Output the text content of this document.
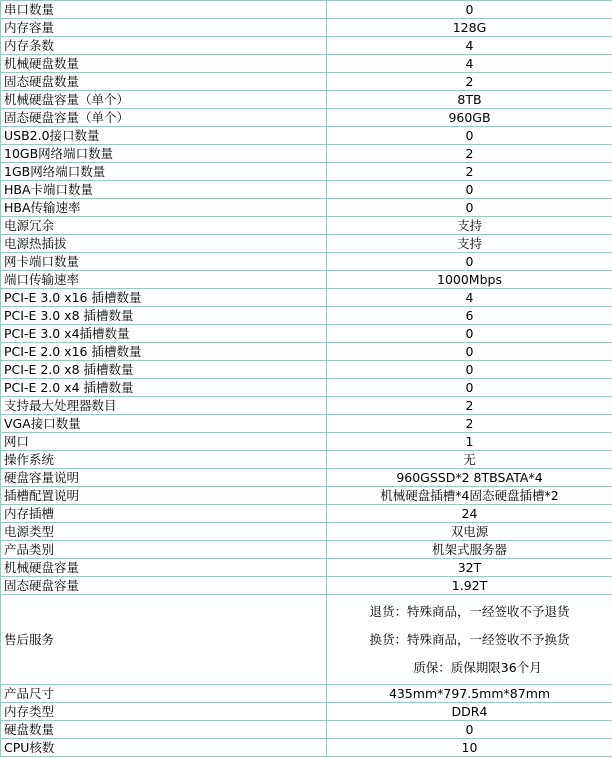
串口数量	0
内存容量	128G
内存条数	4
机械硬盘数量	4
固态硬盘数量	2
机械硬盘容量（单个）	8TB
固态硬盘容量（单个）	960GB
USB2.0接口数量	0
10GB网络端口数量	2
1GB网络端口数量	2
HBA卡端口数量	0
HBA传输速率	0
电源冗余	支持
电源热插拔	支持
网卡端口数量	0
端口传输速率	1000Mbps
PCI-E 3.0 x16 插槽数量	4
PCI-E 3.0 x8 插槽数量	6
PCI-E 3.0 x4插槽数量	0
PCI-E 2.0 x16 插槽数量	0
PCI-E 2.0 x8 插槽数量	0
PCI-E 2.0 x4 插槽数量	0
支持最大处理器数目	2
VGA接口数量	2
网口	1
操作系统	无
硬盘容量说明	960GSSD*2 8TBSATA*4
插槽配置说明	机械硬盘插槽*4固态硬盘插槽*2
内存插槽	24
电源类型	双电源
产品类别	机架式服务器
机械硬盘容量	32T
固态硬盘容量	1.92T
售后服务	退货：特殊商品，一经签收不予退货
换货：特殊商品，一经签收不予换货
质保：质保期限36个月

产品尺寸	435mm*797.5mm*87mm
内存类型	DDR4
硬盘数量	0
CPU核数	10
